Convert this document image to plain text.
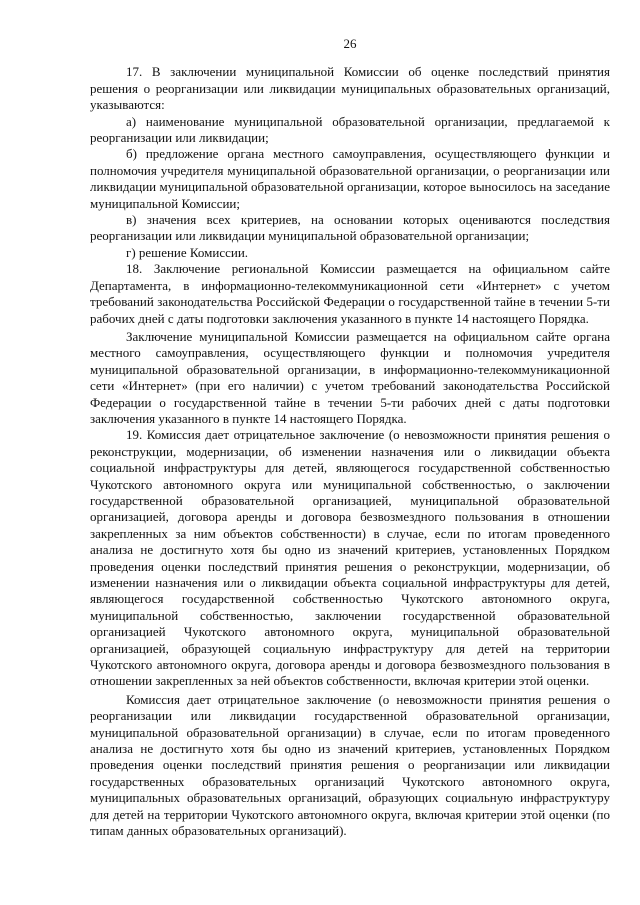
26

17. В заключении муниципальной Комиссии об оценке последствий принятия решения о реорганизации или ликвидации муниципальных образовательных организаций, указываются:

а) наименование муниципальной образовательной организации, предлагаемой к реорганизации или ликвидации;

б) предложение органа местного самоуправления, осуществляющего функции и полномочия учредителя муниципальной образовательной организации, о реорганизации или ликвидации муниципальной образовательной организации, которое выносилось на заседание муниципальной Комиссии;

в) значения всех критериев, на основании которых оцениваются последствия реорганизации или ликвидации муниципальной образовательной организации;

г) решение Комиссии.

18. Заключение региональной Комиссии размещается на официальном сайте Департамента, в информационно-телекоммуникационной сети «Интернет» с учетом требований законодательства Российской Федерации о государственной тайне в течении 5-ти рабочих дней с даты подготовки заключения указанного в пункте 14 настоящего Порядка.

Заключение муниципальной Комиссии размещается на официальном сайте органа местного самоуправления, осуществляющего функции и полномочия учредителя муниципальной образовательной организации, в информационно-телекоммуникационной сети «Интернет» (при его наличии) с учетом требований законодательства Российской Федерации о государственной тайне в течении 5-ти рабочих дней с даты подготовки заключения указанного в пункте 14 настоящего Порядка.

19. Комиссия дает отрицательное заключение (о невозможности принятия решения о реконструкции, модернизации, об изменении назначения или о ликвидации объекта социальной инфраструктуры для детей, являющегося государственной собственностью Чукотского автономного округа или муниципальной собственностью, о заключении государственной образовательной организацией, муниципальной образовательной организацией, договора аренды и договора безвозмездного пользования в отношении закрепленных за ним объектов собственности) в случае, если по итогам проведенного анализа не достигнуто хотя бы одно из значений критериев, установленных Порядком проведения оценки последствий принятия решения о реконструкции, модернизации, об изменении назначения или о ликвидации объекта социальной инфраструктуры для детей, являющегося государственной собственностью Чукотского автономного округа, муниципальной собственностью, заключении государственной образовательной организацией Чукотского автономного округа, муниципальной образовательной организацией, образующей социальную инфраструктуру для детей на территории Чукотского автономного округа, договора аренды и договора безвозмездного пользования в отношении закрепленных за ней объектов собственности, включая критерии этой оценки.

Комиссия дает отрицательное заключение (о невозможности принятия решения о реорганизации или ликвидации государственной образовательной организации, муниципальной образовательной организации) в случае, если по итогам проведенного анализа не достигнуто хотя бы одно из значений критериев, установленных Порядком проведения оценки последствий принятия решения о реорганизации или ликвидации государственных образовательных организаций Чукотского автономного округа, муниципальных образовательных организаций, образующих социальную инфраструктуру для детей на территории Чукотского автономного округа, включая критерии этой оценки (по типам данных образовательных организаций).
